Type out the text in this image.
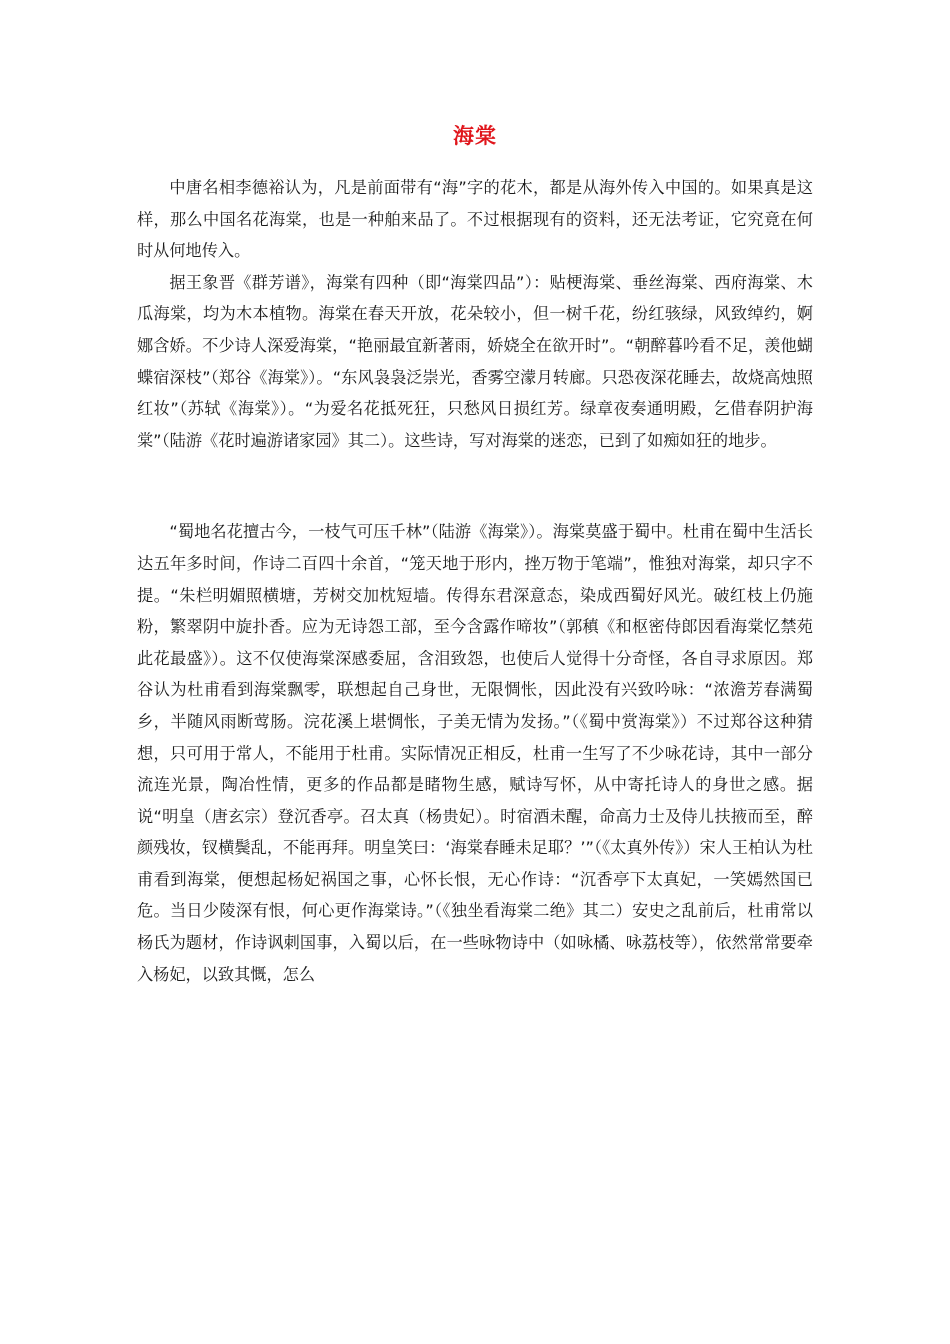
海棠

中唐名相李德裕认为，凡是前面带有“海”字的花木，都是从海外传入中国的。如果真是这样，那么中国名花海棠，也是一种舶来品了。不过根据现有的资料，还无法考证，它究竟在何时从何地传入。

据王象晋《群芳谱》，海棠有四种（即“海棠四品”）：贴梗海棠、垂丝海棠、西府海棠、木瓜海棠，均为木本植物。海棠在春天开放，花朵较小，但一树千花，纷红骇绿，风致绰约，婀娜含娇。不少诗人深爱海棠，“艳丽最宜新著雨，娇娆全在欲开时”。“朝醉暮吟看不足，羡他蝴蝶宿深枝”（郑谷《海棠》）。“东风袅袅泛崇光，香雾空濛月转廊。只恐夜深花睡去，故烧高烛照红妆”（苏轼《海棠》）。“为爱名花抵死狂，只愁风日损红芳。绿章夜奏通明殿，乞借春阴护海棠”（陆游《花时遍游诸家园》其二）。这些诗，写对海棠的迷恋，已到了如痴如狂的地步。

“蜀地名花擅古今，一枝气可压千林”（陆游《海棠》）。海棠莫盛于蜀中。杜甫在蜀中生活长达五年多时间，作诗二百四十余首，“笼天地于形内，挫万物于笔端”，惟独对海棠，却只字不提。“朱栏明媚照横塘，芳树交加枕短墙。传得东君深意态，染成西蜀好风光。破红枝上仍施粉，繁翠阴中旋扑香。应为无诗怨工部，至今含露作啼妆”（郭稹《和枢密侍郎因看海棠忆禁苑此花最盛》）。这不仅使海棠深感委屈，含泪致怨，也使后人觉得十分奇怪，各自寻求原因。郑谷认为杜甫看到海棠飘零，联想起自己身世，无限惆怅，因此没有兴致吟咏：“浓澹芳春满蜀乡，半随风雨断莺肠。浣花溪上堪惆怅，子美无情为发扬。”（《蜀中赏海棠》）不过郑谷这种猜想，只可用于常人，不能用于杜甫。实际情况正相反，杜甫一生写了不少咏花诗，其中一部分流连光景，陶冶性情，更多的作品都是睹物生感，赋诗写怀，从中寄托诗人的身世之感。据说“明皇（唐玄宗）登沉香亭。召太真（杨贵妃）。时宿酒未醒，命高力士及侍儿扶掖而至，醉颜残妆，钗横鬓乱，不能再拜。明皇笑曰：‘海棠春睡未足耶？’”（《太真外传》）宋人王柏认为杜甫看到海棠，便想起杨妃祸国之事，心怀长恨，无心作诗：“沉香亭下太真妃，一笑嫣然国已危。当日少陵深有恨，何心更作海棠诗。”（《独坐看海棠二绝》其二）安史之乱前后，杜甫常以杨氏为题材，作诗讽刺国事，入蜀以后，在一些咏物诗中（如咏橘、咏荔枝等），依然常常要牵入杨妃，以致其慨，怎么
